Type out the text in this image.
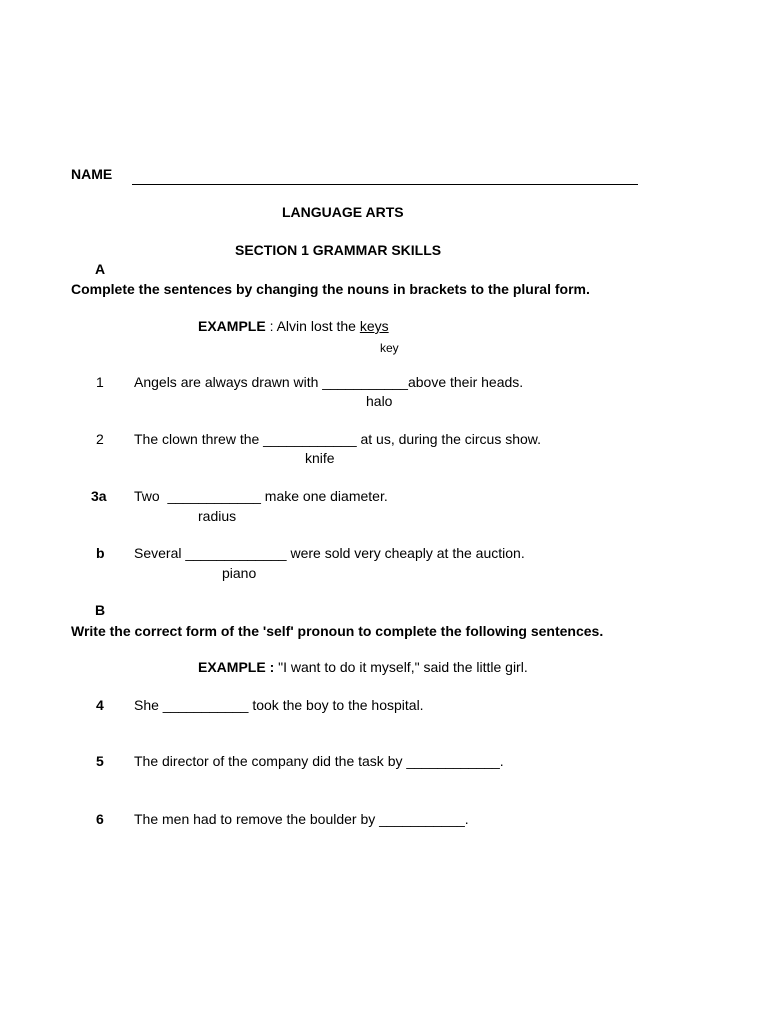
NAME
LANGUAGE ARTS
SECTION 1 GRAMMAR SKILLS
A
Complete the sentences by changing the nouns in brackets to the plural form.
EXAMPLE : Alvin lost the keys
key
1 Angels are always drawn with ___________above their heads.
halo
2 The clown threw the ____________ at us, during the circus show.
knife
3a Two  ____________ make one diameter.
radius
b Several _____________ were sold very cheaply at the auction.
piano
B
Write the correct form of the 'self' pronoun to complete the following sentences.
EXAMPLE : "I want to do it myself," said the little girl.
4 She ___________ took the boy to the hospital.
5 The director of the company did the task by ____________.
6 The men had to remove the boulder by ___________.
